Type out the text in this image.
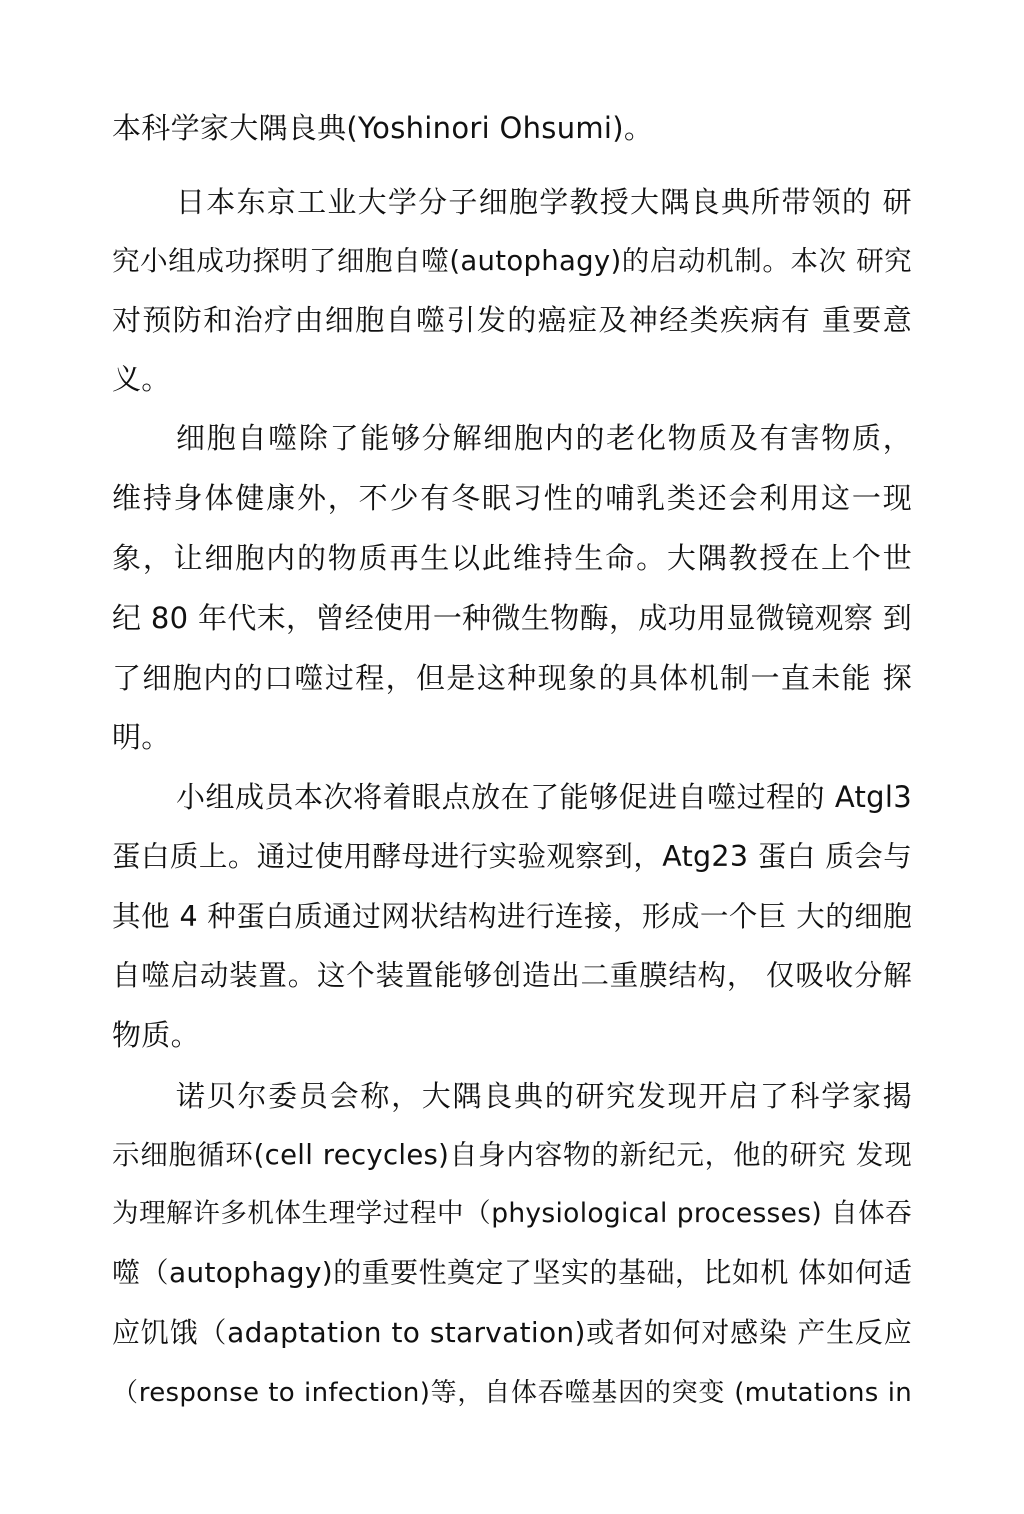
本科学家大隅良典(Yoshinori Ohsumi)。
日本东京工业大学分子细胞学教授大隅良典所带领的 研
究小组成功探明了细胞自噬(autophagy)的启动机制。本次 研究
对预防和治疗由细胞自噬引发的癌症及神经类疾病有 重要意
义。
细胞自噬除了能够分解细胞内的老化物质及有害物质，
维持身体健康外，不少有冬眠习性的哺乳类还会利用这一现
象，让细胞内的物质再生以此维持生命。大隅教授在上个世
纪 80 年代末，曾经使用一种微生物酶，成功用显微镜观察 到
了细胞内的口噬过程，但是这种现象的具体机制一直未能 探
明。
小组成员本次将着眼点放在了能够促进自噬过程的 Atgl3
蛋白质上。通过使用酵母进行实验观察到，Atg23 蛋白 质会与
其他 4 种蛋白质通过网状结构进行连接，形成一个巨 大的细胞
自噬启动装置。这个装置能够创造出二重膜结构， 仅吸收分解
物质。
诺贝尔委员会称，大隅良典的研究发现开启了科学家揭
示细胞循环(cell recycles)自身内容物的新纪元，他的研究 发现
为理解许多机体生理学过程中（physiological processes) 自体吞
噬（autophagy)的重要性奠定了坚实的基础，比如机 体如何适
应饥饿（adaptation to starvation)或者如何对感染 产生反应
（response to infection)等，自体吞噬基因的突变 (mutations in
